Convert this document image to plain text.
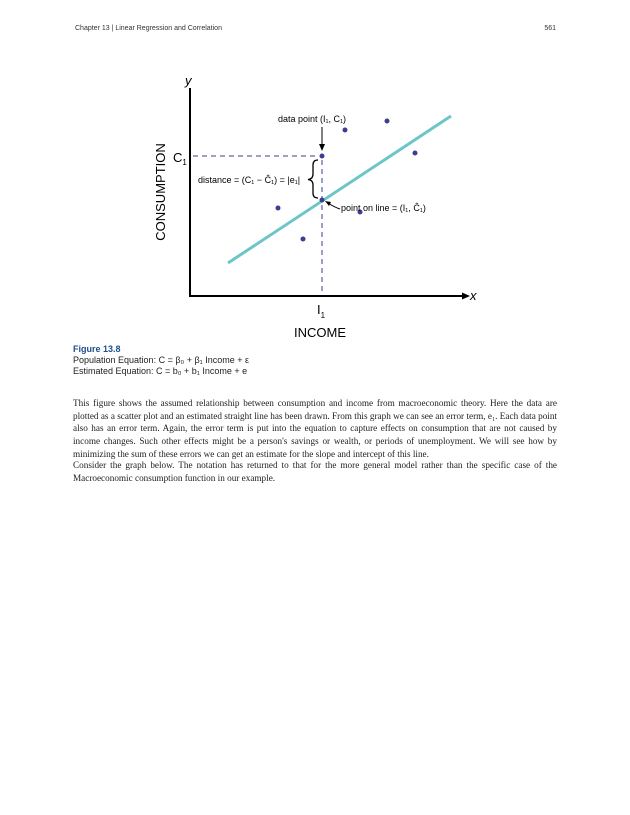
Chapter 13 | Linear Regression and Correlation	561
y
x
CONSUMPTION
INCOME
$C_1$
$I_1$
data point (I₁, C₁)
distance = (C₁ − Ĉ₁) = |e₁|
point on line = (I₁, Ĉ₁)
Figure 13.8
Population Equation: C = β₀ + β₁ Income + ε
Estimated Equation: C = b₀ + b₁ Income + e

This figure shows the assumed relationship between consumption and income from macroeconomic theory. Here the data are plotted as a scatter plot and an estimated straight line has been drawn. From this graph we can see an error term, e₁. Each data point also has an error term. Again, the error term is put into the equation to capture effects on consumption that are not caused by income changes. Such other effects might be a person's savings or wealth, or periods of unemployment. We will see how by minimizing the sum of these errors we can get an estimate for the slope and intercept of this line.

Consider the graph below. The notation has returned to that for the more general model rather than the specific case of the Macroeconomic consumption function in our example.
